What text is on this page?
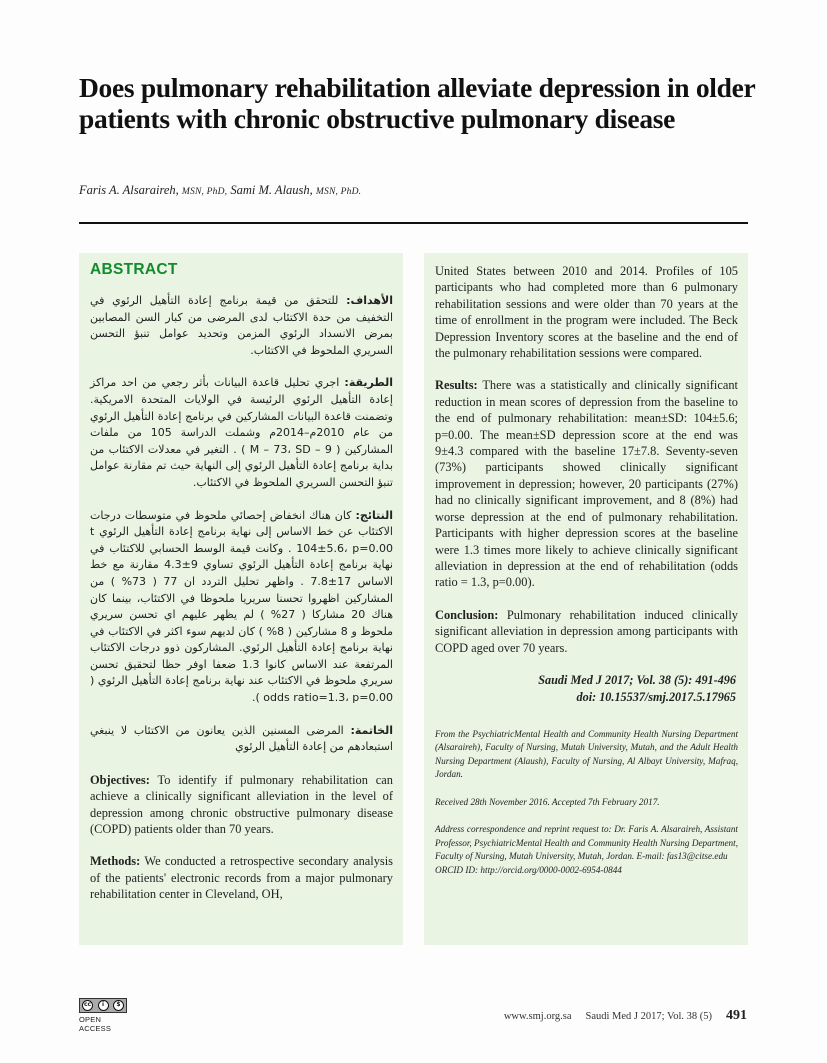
Does pulmonary rehabilitation alleviate depression in older patients with chronic obstructive pulmonary disease
Faris A. Alsaraireh, MSN, PhD, Sami M. Alaush, MSN, PhD.
ABSTRACT

الأهداف: للتحقق من قيمة برنامج إعادة التأهيل الرئوي في التخفيف من حدة الاكتئاب لدى المرضى من كبار السن المصابين بمرض الانسداد الرئوي المزمن وتحديد عوامل تنبؤ التحسن السريري الملحوظ في الاكتئاب.

الطريقة: اجري تحليل قاعدة البيانات بأثر رجعي من احد مراكز إعادة التأهيل الرئوي الرئيسة في الولايات المتحدة الامريكية. وتضمنت قاعدة البيانات المشاركين في برنامج إعادة التأهيل الرئوي من عام 2010م–2014م وشملت الدراسة 105 من ملفات المشاركين ( M – 73، SD – 9 ) . التغير في معدلات الاكتئاب من بداية برنامج إعادة التأهيل الرئوي إلى النهاية حيث تم مقارنة عوامل تنبؤ التحسن السريري الملحوظ في الاكتئاب.

النتائج: كان هناك انخفاض إحصائي ملحوظ في متوسطات درجات الاكتئاب عن خط الاساس إلى نهاية برنامج إعادة التأهيل الرئوي t 104±5.6، p=0.00 . وكانت قيمة الوسط الحسابي للاكتئاب في نهاية برنامج إعادة التأهيل الرئوي تساوي 9±4.3 مقارنة مع خط الاساس 17±7.8 . واظهر تحليل التردد ان 77 ( 73% ) من المشاركين اظهروا تحسنا سريريا ملحوظا في الاكتئاب، بينما كان هناك 20 مشاركا ( 27% ) لم يظهر عليهم اي تحسن سريري ملحوظ و 8 مشاركين ( 8% ) كان لديهم سوء اكثر في الاكتئاب في نهاية برنامج إعادة التأهيل الرئوي. المشاركون ذوو درجات الاكتئاب المرتفعة عند الاساس كانوا 1.3 ضعفا اوفر حظا لتحقيق تحسن سريري ملحوظ في الاكتئاب عند نهاية برنامج إعادة التأهيل الرئوي ( odds ratio=1.3، p=0.00 ).

الخاتمة: المرضى المسنين الذين يعانون من الاكتئاب لا ينبغي استبعادهم من إعادة التأهيل الرئوي

Objectives: To identify if pulmonary rehabilitation can achieve a clinically significant alleviation in the level of depression among chronic obstructive pulmonary disease (COPD) patients older than 70 years.

Methods: We conducted a retrospective secondary analysis of the patients' electronic records from a major pulmonary rehabilitation center in Cleveland, OH,

United States between 2010 and 2014. Profiles of 105 participants who had completed more than 6 pulmonary rehabilitation sessions and were older than 70 years at the time of enrollment in the program were included. The Beck Depression Inventory scores at the baseline and the end of the pulmonary rehabilitation sessions were compared.

Results: There was a statistically and clinically significant reduction in mean scores of depression from the baseline to the end of pulmonary rehabilitation: mean±SD: 104±5.6; p=0.00. The mean±SD depression score at the end was 9±4.3 compared with the baseline 17±7.8. Seventy-seven (73%) participants showed clinically significant improvement in depression; however, 20 participants (27%) had no clinically significant improvement, and 8 (8%) had worse depression at the end of pulmonary rehabilitation. Participants with higher depression scores at the baseline were 1.3 times more likely to achieve clinically significant alleviation in depression at the end of rehabilitation (odds ratio = 1.3, p=0.00).

Conclusion: Pulmonary rehabilitation induced clinically significant alleviation in depression among participants with COPD aged over 70 years.

Saudi Med J 2017; Vol. 38 (5): 491-496
doi: 10.15537/smj.2017.5.17965

From the PsychiatricMental Health and Community Health Nursing Department (Alsaraireh), Faculty of Nursing, Mutah University, Mutah, and the Adult Health Nursing Department (Alaush), Faculty of Nursing, Al Albayt University, Mafraq, Jordan.

Received 28th November 2016. Accepted 7th February 2017.

Address correspondence and reprint request to: Dr. Faris A. Alsaraireh, Assistant Professor, PsychiatricMental Health and Community Health Nursing Department, Faculty of Nursing, Mutah University, Mutah, Jordan. E-mail: fas13@citse.edu

ORCID ID: http://orcid.org/0000-0002-6954-0844

cc	i	$
OPEN ACCESS
www.smj.org.sa Saudi Med J 2017; Vol. 38 (5) 491
